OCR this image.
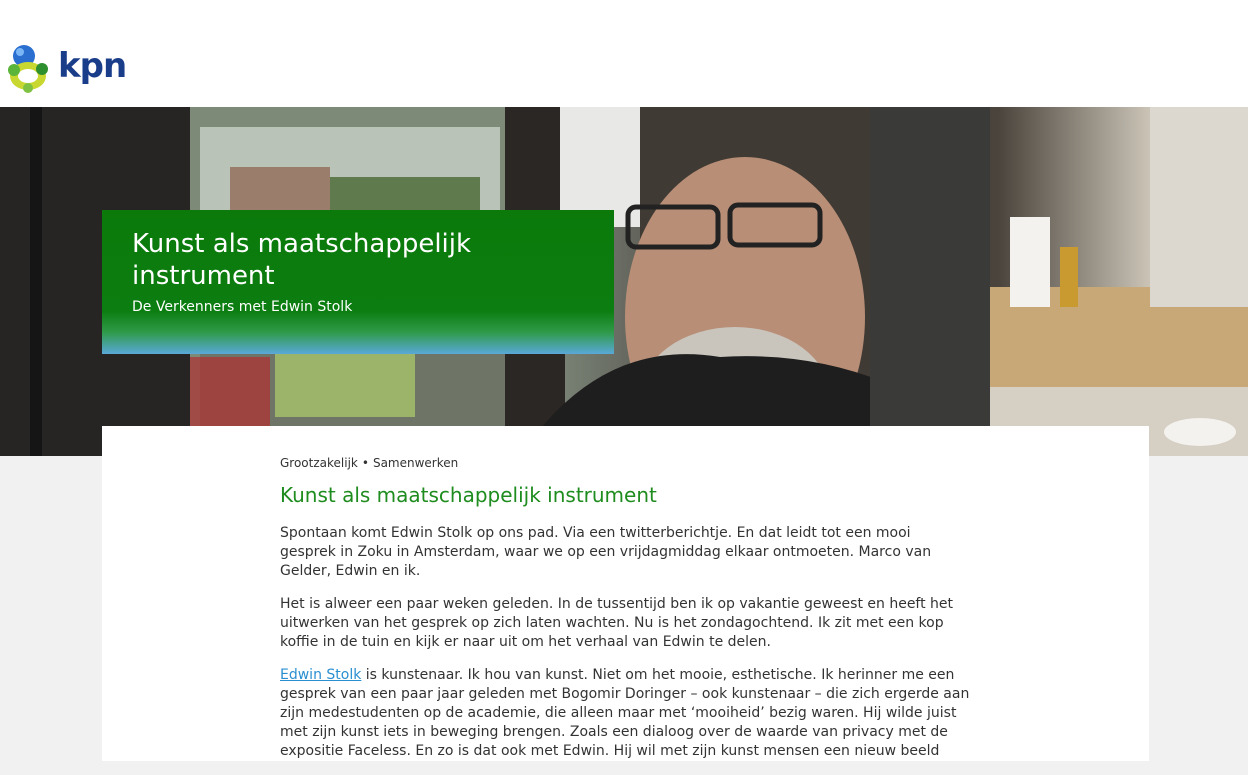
kpn
Kunst als maatschappelijk instrument

De Verkenners met Edwin Stolk

Grootzakelijk • Samenwerken

Kunst als maatschappelijk instrument

Spontaan komt Edwin Stolk op ons pad. Via een twitterberichtje. En dat leidt tot een mooi gesprek in Zoku in Amsterdam, waar we op een vrijdagmiddag elkaar ontmoeten. Marco van Gelder, Edwin en ik.

Het is alweer een paar weken geleden. In de tussentijd ben ik op vakantie geweest en heeft het uitwerken van het gesprek op zich laten wachten. Nu is het zondagochtend. Ik zit met een kop koffie in de tuin en kijk er naar uit om het verhaal van Edwin te delen.

Edwin Stolk is kunstenaar. Ik hou van kunst. Niet om het mooie, esthetische. Ik herinner me een gesprek van een paar jaar geleden met Bogomir Doringer – ook kunstenaar – die zich ergerde aan zijn medestudenten op de academie, die alleen maar met ‘mooiheid’ bezig waren. Hij wilde juist met zijn kunst iets in beweging brengen. Zoals een dialoog over de waarde van privacy met de expositie Faceless. En zo is dat ook met Edwin. Hij wil met zijn kunst mensen een nieuw beeld
